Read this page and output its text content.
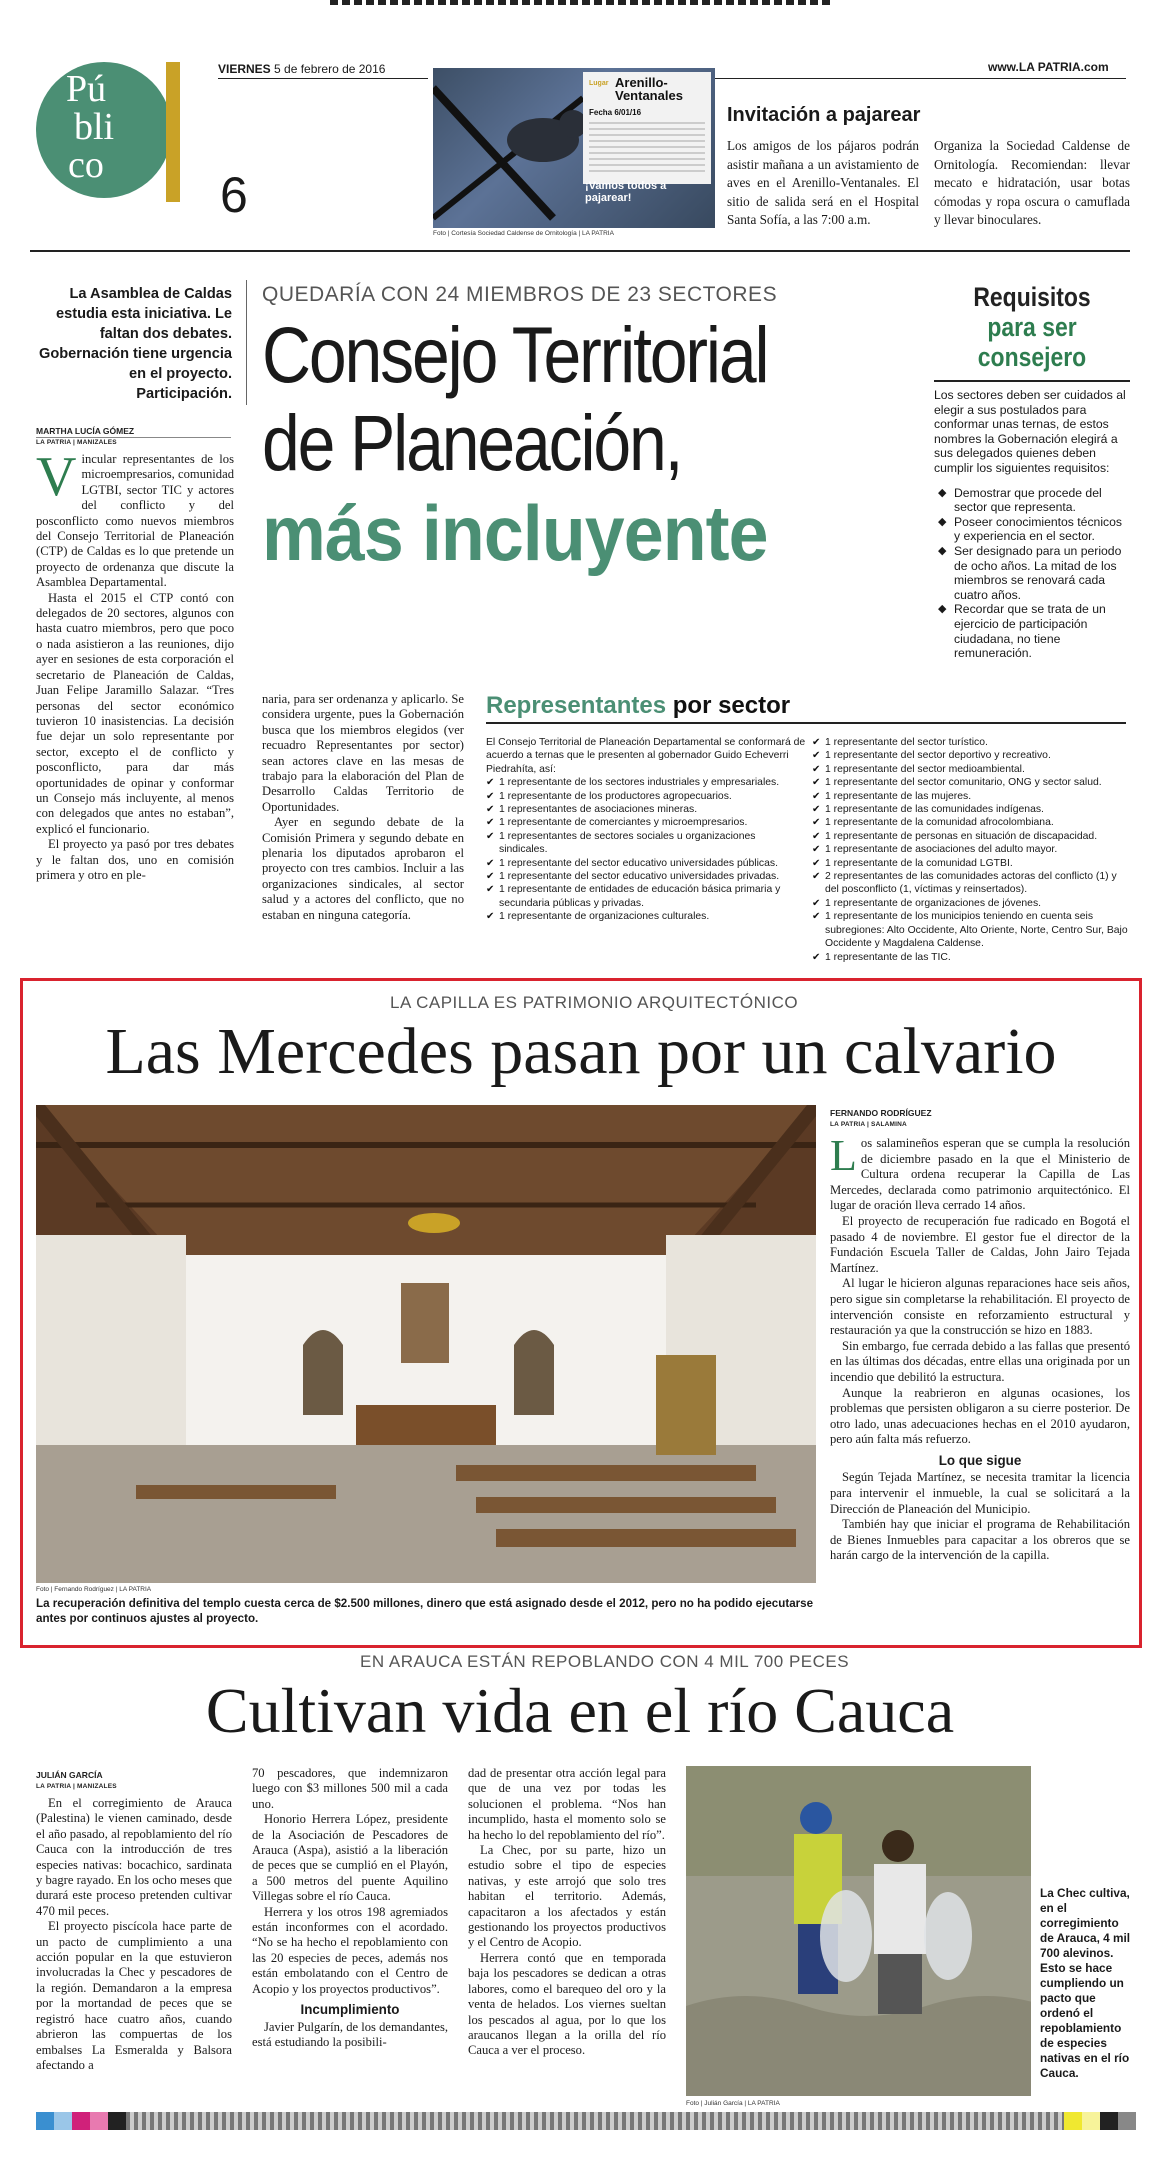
Pú
bli
co
6
VIERNES 5 de febrero de 2016	www.LA PATRIA.com
Lugar Arenillo-
Ventanales
Fecha 6/01/16
¡Vamos todos a pajarear!
Foto | Cortesía Sociedad Caldense de Ornitología | LA PATRIA
Invitación a pajarear

Los amigos de los pájaros podrán asistir mañana a un avistamiento de aves en el Arenillo-Ventanales. El sitio de salida será en el Hospital Santa Sofía, a las 7:00 a.m.

Organiza la Sociedad Caldense de Ornitología. Recomiendan: llevar mecato e hidratación, usar botas cómodas y ropa oscura o camuflada y llevar binoculares.

La Asamblea de Caldas estudia esta iniciativa. Le faltan dos debates. Gobernación tiene urgencia en el proyecto. Participación.
MARTHA LUCÍA GÓMEZ
LA PATRIA | MANIZALES
QUEDARÍA CON 24 MIEMBROS DE 23 SECTORES
Consejo Territorial
de Planeación,
más incluyente

Vincular representantes de los microempresarios, comunidad LGTBI, sector TIC y actores del conflicto y del posconflicto como nuevos miembros del Consejo Territorial de Planeación (CTP) de Caldas es lo que pretende un proyecto de ordenanza que discute la Asamblea Departamental.

Hasta el 2015 el CTP contó con delegados de 20 sectores, algunos con hasta cuatro miembros, pero que poco o nada asistieron a las reuniones, dijo ayer en sesiones de esta corporación el secretario de Planeación de Caldas, Juan Felipe Jaramillo Salazar. “Tres personas del sector económico tuvieron 10 inasistencias. La decisión fue dejar un solo representante por sector, excepto el de conflicto y posconflicto, para dar más oportunidades de opinar y conformar un Consejo más incluyente, al menos con delegados que antes no estaban”, explicó el funcionario.

El proyecto ya pasó por tres debates y le faltan dos, uno en comisión primera y otro en ple-

naria, para ser ordenanza y aplicarlo. Se considera urgente, pues la Gobernación busca que los miembros elegidos (ver recuadro Representantes por sector) sean actores clave en las mesas de trabajo para la elaboración del Plan de Desarrollo Caldas Territorio de Oportunidades.

Ayer en segundo debate de la Comisión Primera y segundo debate en plenaria los diputados aprobaron el proyecto con tres cambios. Incluir a las organizaciones sindicales, al sector salud y a actores del conflicto, que no estaban en ninguna categoría.

Requisitos
para ser
consejero
Los sectores deben ser cuidados al elegir a sus postulados para conformar unas ternas, de estos nombres la Gobernación elegirá a sus delegados quienes deben cumplir los siguientes requisitos:
◆ Demostrar que procede del sector que representa.
◆ Poseer conocimientos técnicos y experiencia en el sector.
◆ Ser designado para un periodo de ocho años. La mitad de los miembros se renovará cada cuatro años.
◆ Recordar que se trata de un ejercicio de participación ciudadana, no tiene remuneración.
Representantes por sector
El Consejo Territorial de Planeación Departamental se conformará de acuerdo a ternas que le presenten al gobernador Guido Echeverri Piedrahíta, así:
✔ 1 representante de los sectores industriales y empresariales.
✔ 1 representante de los productores agropecuarios.
✔ 1 representantes de asociaciones mineras.
✔ 1 representante de comerciantes y microempresarios.
✔ 1 representantes de sectores sociales u organizaciones sindicales.
✔ 1 representante del sector educativo universidades públicas.
✔ 1 representante del sector educativo universidades privadas.
✔ 1 representante de entidades de educación básica primaria y secundaria públicas y privadas.
✔ 1 representante de organizaciones culturales.
✔ 1 representante del sector turístico.
✔ 1 representante del sector deportivo y recreativo.
✔ 1 representante del sector medioambiental.
✔ 1 representante del sector comunitario, ONG y sector salud.
✔ 1 representante de las mujeres.
✔ 1 representante de las comunidades indígenas.
✔ 1 representante de la comunidad afrocolombiana.
✔ 1 representante de personas en situación de discapacidad.
✔ 1 representante de asociaciones del adulto mayor.
✔ 1 representante de la comunidad LGTBI.
✔ 2 representantes de las comunidades actoras del conflicto (1) y del posconflicto (1, víctimas y reinsertados).
✔ 1 representante de organizaciones de jóvenes.
✔ 1 representante de los municipios teniendo en cuenta seis subregiones: Alto Occidente, Alto Oriente, Norte, Centro Sur, Bajo Occidente y Magdalena Caldense.
✔ 1 representante de las TIC.
LA CAPILLA ES PATRIMONIO ARQUITECTÓNICO
Las Mercedes pasan por un calvario
Foto | Fernando Rodríguez | LA PATRIA
La recuperación definitiva del templo cuesta cerca de $2.500 millones, dinero que está asignado desde el 2012, pero no ha podido ejecutarse antes por continuos ajustes al proyecto.
FERNANDO RODRÍGUEZ
LA PATRIA | SALAMINA

Los salamineños esperan que se cumpla la resolución de diciembre pasado en la que el Ministerio de Cultura ordena recuperar la Capilla de Las Mercedes, declarada como patrimonio arquitectónico. El lugar de oración lleva cerrado 14 años.

El proyecto de recuperación fue radicado en Bogotá el pasado 4 de noviembre. El gestor fue el director de la Fundación Escuela Taller de Caldas, John Jairo Tejada Martínez.

Al lugar le hicieron algunas reparaciones hace seis años, pero sigue sin completarse la rehabilitación. El proyecto de intervención consiste en reforzamiento estructural y restauración ya que la construcción se hizo en 1883.

Sin embargo, fue cerrada debido a las fallas que presentó en las últimas dos décadas, entre ellas una originada por un incendio que debilitó la estructura.

Aunque la reabrieron en algunas ocasiones, los problemas que persisten obligaron a su cierre posterior. De otro lado, unas adecuaciones hechas en el 2010 ayudaron, pero aún falta más refuerzo.

Lo que sigue

Según Tejada Martínez, se necesita tramitar la licencia para intervenir el inmueble, la cual se solicitará a la Dirección de Planeación del Municipio.

También hay que iniciar el programa de Rehabilitación de Bienes Inmuebles para capacitar a los obreros que se harán cargo de la intervención de la capilla.

EN ARAUCA ESTÁN REPOBLANDO CON 4 MIL 700 PECES
Cultivan vida en el río Cauca
JULIÁN GARCÍA
LA PATRIA | MANIZALES

En el corregimiento de Arauca (Palestina) le vienen caminado, desde el año pasado, al repoblamiento del río Cauca con la introducción de tres especies nativas: bocachico, sardinata y bagre rayado. En los ocho meses que durará este proceso pretenden cultivar 470 mil peces.

El proyecto piscícola hace parte de un pacto de cumplimiento a una acción popular en la que estuvieron involucradas la Chec y pescadores de la región. Demandaron a la empresa por la mortandad de peces que se registró hace cuatro años, cuando abrieron las compuertas de los embalses La Esmeralda y Balsora afectando a

70 pescadores, que indemnizaron luego con $3 millones 500 mil a cada uno.

Honorio Herrera López, presidente de la Asociación de Pescadores de Arauca (Aspa), asistió a la liberación de peces que se cumplió en el Playón, a 500 metros del puente Aquilino Villegas sobre el río Cauca.

Herrera y los otros 198 agremiados están inconformes con el acordado. “No se ha hecho el repoblamiento con las 20 especies de peces, además nos están embolatando con el Centro de Acopio y los proyectos productivos”.

Incumplimiento

Javier Pulgarín, de los demandantes, está estudiando la posibili-

dad de presentar otra acción legal para que de una vez por todas les solucionen el problema. “Nos han incumplido, hasta el momento solo se ha hecho lo del repoblamiento del río”.

La Chec, por su parte, hizo un estudio sobre el tipo de especies nativas, y este arrojó que solo tres habitan el territorio. Además, capacitaron a los afectados y están gestionando los proyectos productivos y el Centro de Acopio.

Herrera contó que en temporada baja los pescadores se dedican a otras labores, como el barequeo del oro y la venta de helados. Los viernes sueltan los pescados al agua, por lo que los araucanos llegan a la orilla del río Cauca a ver el proceso.

Foto | Julián García | LA PATRIA
La Chec cultiva, en el corregimiento de Arauca, 4 mil 700 alevinos. Esto se hace cumpliendo un pacto que ordenó el repoblamiento de especies nativas en el río Cauca.
